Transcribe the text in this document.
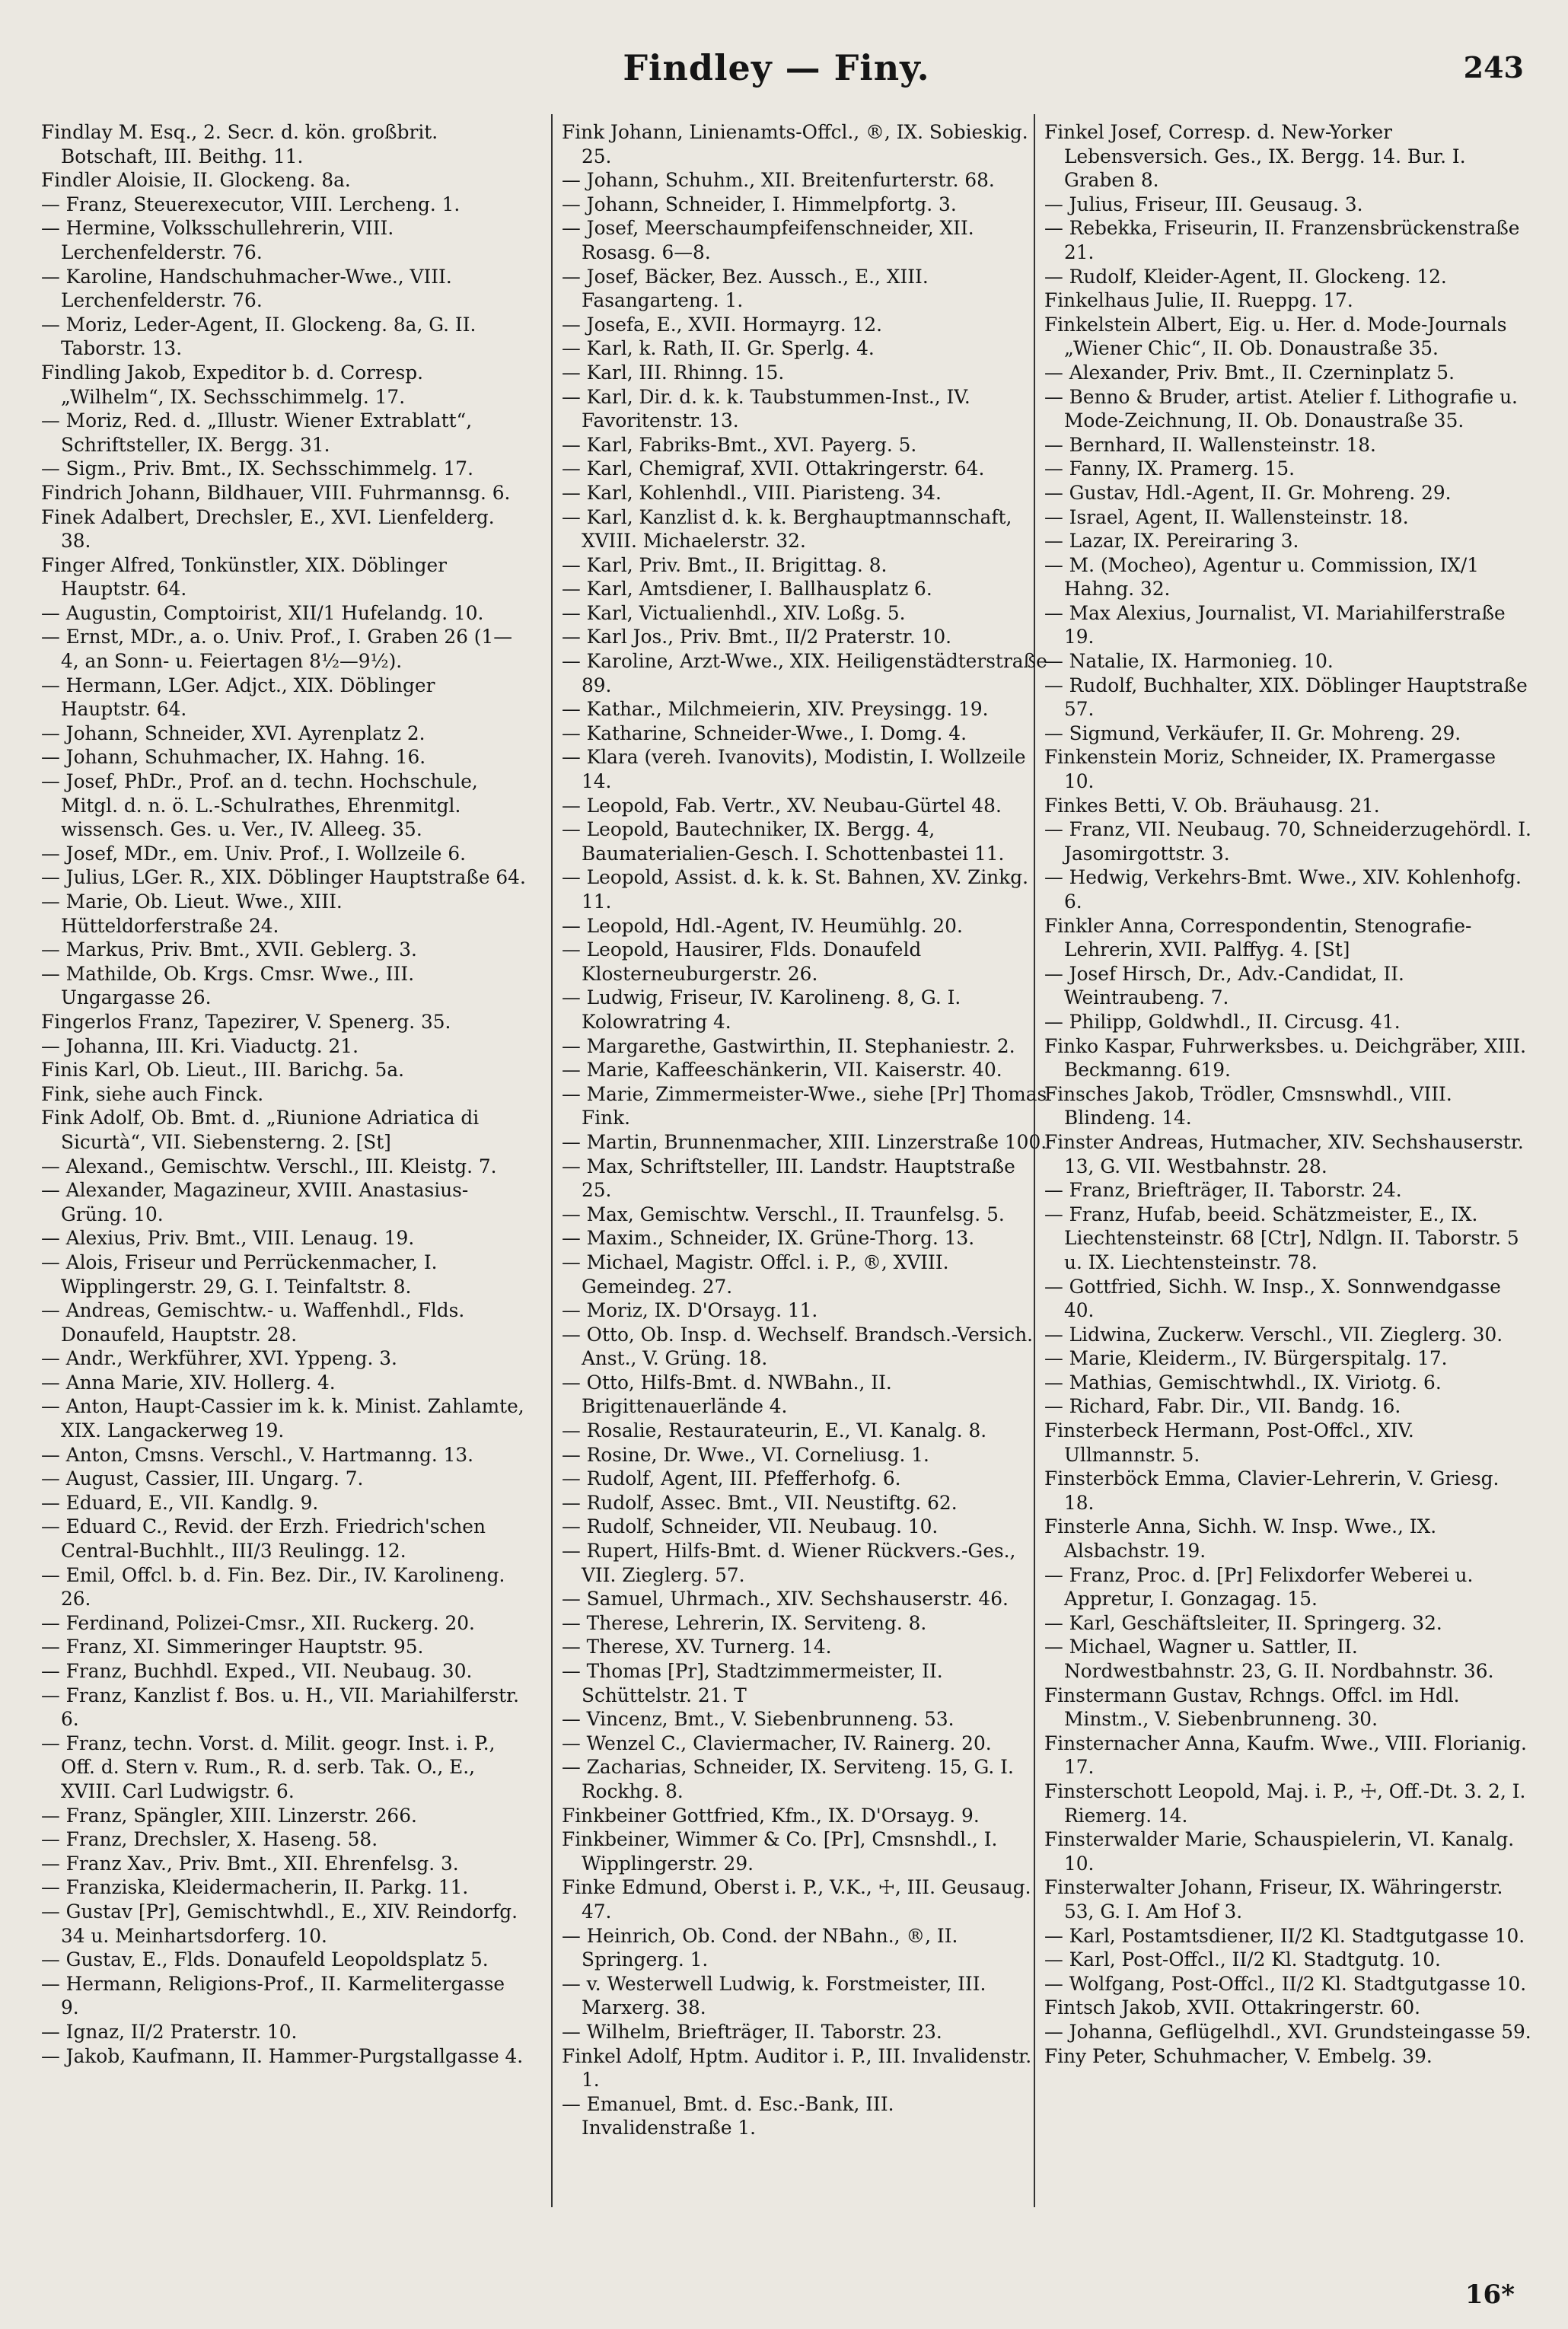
Findley — Finy.	243
Findlay M. Esq., 2. Secr. d. kön. großbrit. Botschaft, III. Beithg. 11.
Findler Aloisie, II. Glockeng. 8a.
— Franz, Steuerexecutor, VIII. Lercheng. 1.
— Hermine, Volksschullehrerin, VIII. Lerchenfelderstr. 76.
— Karoline, Handschuhmacher-Wwe., VIII. Lerchenfelderstr. 76.
— Moriz, Leder-Agent, II. Glockeng. 8a, G. II. Taborstr. 13.
Findling Jakob, Expeditor b. d. Corresp. „Wilhelm“, IX. Sechsschimmelg. 17.
— Moriz, Red. d. „Illustr. Wiener Extrablatt“, Schriftsteller, IX. Bergg. 31.
— Sigm., Priv. Bmt., IX. Sechsschimmelg. 17.
Findrich Johann, Bildhauer, VIII. Fuhrmannsg. 6.
Finek Adalbert, Drechsler, E., XVI. Lienfelderg. 38.
Finger Alfred, Tonkünstler, XIX. Döblinger Hauptstr. 64.
— Augustin, Comptoirist, XII/1 Hufelandg. 10.
— Ernst, MDr., a. o. Univ. Prof., I. Graben 26 (1—4, an Sonn- u. Feiertagen 8½—9½).
— Hermann, LGer. Adjct., XIX. Döblinger Hauptstr. 64.
— Johann, Schneider, XVI. Ayrenplatz 2.
— Johann, Schuhmacher, IX. Hahng. 16.
— Josef, PhDr., Prof. an d. techn. Hochschule, Mitgl. d. n. ö. L.-Schulrathes, Ehrenmitgl. wissensch. Ges. u. Ver., IV. Alleeg. 35.
— Josef, MDr., em. Univ. Prof., I. Wollzeile 6.
— Julius, LGer. R., XIX. Döblinger Hauptstraße 64.
— Marie, Ob. Lieut. Wwe., XIII. Hütteldorferstraße 24.
— Markus, Priv. Bmt., XVII. Geblerg. 3.
— Mathilde, Ob. Krgs. Cmsr. Wwe., III. Ungargasse 26.
Fingerlos Franz, Tapezirer, V. Spenerg. 35.
— Johanna, III. Kri. Viaductg. 21.
Finis Karl, Ob. Lieut., III. Barichg. 5a.
Fink, siehe auch Finck.
Fink Adolf, Ob. Bmt. d. „Riunione Adriatica di Sicurtà“, VII. Siebensterng. 2. [St]
— Alexand., Gemischtw. Verschl., III. Kleistg. 7.
— Alexander, Magazineur, XVIII. Anastasius-Grüng. 10.
— Alexius, Priv. Bmt., VIII. Lenaug. 19.
— Alois, Friseur und Perrückenmacher, I. Wipplingerstr. 29, G. I. Teinfaltstr. 8.
— Andreas, Gemischtw.- u. Waffenhdl., Flds. Donaufeld, Hauptstr. 28.
— Andr., Werkführer, XVI. Yppeng. 3.
— Anna Marie, XIV. Hollerg. 4.
— Anton, Haupt-Cassier im k. k. Minist. Zahlamte, XIX. Langackerweg 19.
— Anton, Cmsns. Verschl., V. Hartmanng. 13.
— August, Cassier, III. Ungarg. 7.
— Eduard, E., VII. Kandlg. 9.
— Eduard C., Revid. der Erzh. Friedrich'schen Central-Buchhlt., III/3 Reulingg. 12.
— Emil, Offcl. b. d. Fin. Bez. Dir., IV. Karolineng. 26.
— Ferdinand, Polizei-Cmsr., XII. Ruckerg. 20.
— Franz, XI. Simmeringer Hauptstr. 95.
— Franz, Buchhdl. Exped., VII. Neubaug. 30.
— Franz, Kanzlist f. Bos. u. H., VII. Mariahilferstr. 6.
— Franz, techn. Vorst. d. Milit. geogr. Inst. i. P., Off. d. Stern v. Rum., R. d. serb. Tak. O., E., XVIII. Carl Ludwigstr. 6.
— Franz, Spängler, XIII. Linzerstr. 266.
— Franz, Drechsler, X. Haseng. 58.
— Franz Xav., Priv. Bmt., XII. Ehrenfelsg. 3.
— Franziska, Kleidermacherin, II. Parkg. 11.
— Gustav [Pr], Gemischtwhdl., E., XIV. Reindorfg. 34 u. Meinhartsdorferg. 10.
— Gustav, E., Flds. Donaufeld Leopoldsplatz 5.
— Hermann, Religions-Prof., II. Karmelitergasse 9.
— Ignaz, II/2 Praterstr. 10.
— Jakob, Kaufmann, II. Hammer-Purgstallgasse 4.
Fink Johann, Linienamts-Offcl., ®, IX. Sobieskig. 25.
— Johann, Schuhm., XII. Breitenfurterstr. 68.
— Johann, Schneider, I. Himmelpfortg. 3.
— Josef, Meerschaumpfeifenschneider, XII. Rosasg. 6—8.
— Josef, Bäcker, Bez. Aussch., E., XIII. Fasangarteng. 1.
— Josefa, E., XVII. Hormayrg. 12.
— Karl, k. Rath, II. Gr. Sperlg. 4.
— Karl, III. Rhinng. 15.
— Karl, Dir. d. k. k. Taubstummen-Inst., IV. Favoritenstr. 13.
— Karl, Fabriks-Bmt., XVI. Payerg. 5.
— Karl, Chemigraf, XVII. Ottakringerstr. 64.
— Karl, Kohlenhdl., VIII. Piaristeng. 34.
— Karl, Kanzlist d. k. k. Berghauptmannschaft, XVIII. Michaelerstr. 32.
— Karl, Priv. Bmt., II. Brigittag. 8.
— Karl, Amtsdiener, I. Ballhausplatz 6.
— Karl, Victualienhdl., XIV. Loßg. 5.
— Karl Jos., Priv. Bmt., II/2 Praterstr. 10.
— Karoline, Arzt-Wwe., XIX. Heiligenstädterstraße 89.
— Kathar., Milchmeierin, XIV. Preysingg. 19.
— Katharine, Schneider-Wwe., I. Domg. 4.
— Klara (vereh. Ivanovits), Modistin, I. Wollzeile 14.
— Leopold, Fab. Vertr., XV. Neubau-Gürtel 48.
— Leopold, Bautechniker, IX. Bergg. 4, Baumaterialien-Gesch. I. Schottenbastei 11.
— Leopold, Assist. d. k. k. St. Bahnen, XV. Zinkg. 11.
— Leopold, Hdl.-Agent, IV. Heumühlg. 20.
— Leopold, Hausirer, Flds. Donaufeld Klosterneuburgerstr. 26.
— Ludwig, Friseur, IV. Karolineng. 8, G. I. Kolowratring 4.
— Margarethe, Gastwirthin, II. Stephaniestr. 2.
— Marie, Kaffeeschänkerin, VII. Kaiserstr. 40.
— Marie, Zimmermeister-Wwe., siehe [Pr] Thomas Fink.
— Martin, Brunnenmacher, XIII. Linzerstraße 100.
— Max, Schriftsteller, III. Landstr. Hauptstraße 25.
— Max, Gemischtw. Verschl., II. Traunfelsg. 5.
— Maxim., Schneider, IX. Grüne-Thorg. 13.
— Michael, Magistr. Offcl. i. P., ®, XVIII. Gemeindeg. 27.
— Moriz, IX. D'Orsayg. 11.
— Otto, Ob. Insp. d. Wechself. Brandsch.-Versich. Anst., V. Grüng. 18.
— Otto, Hilfs-Bmt. d. NWBahn., II. Brigittenauerlände 4.
— Rosalie, Restaurateurin, E., VI. Kanalg. 8.
— Rosine, Dr. Wwe., VI. Corneliusg. 1.
— Rudolf, Agent, III. Pfefferhofg. 6.
— Rudolf, Assec. Bmt., VII. Neustiftg. 62.
— Rudolf, Schneider, VII. Neubaug. 10.
— Rupert, Hilfs-Bmt. d. Wiener Rückvers.-Ges., VII. Zieglerg. 57.
— Samuel, Uhrmach., XIV. Sechshauserstr. 46.
— Therese, Lehrerin, IX. Serviteng. 8.
— Therese, XV. Turnerg. 14.
— Thomas [Pr], Stadtzimmermeister, II. Schüttelstr. 21. T
— Vincenz, Bmt., V. Siebenbrunneng. 53.
— Wenzel C., Claviermacher, IV. Rainerg. 20.
— Zacharias, Schneider, IX. Serviteng. 15, G. I. Rockhg. 8.
Finkbeiner Gottfried, Kfm., IX. D'Orsayg. 9.
Finkbeiner, Wimmer & Co. [Pr], Cmsnshdl., I. Wipplingerstr. 29.
Finke Edmund, Oberst i. P., V.K., ☩, III. Geusaug. 47.
— Heinrich, Ob. Cond. der NBahn., ®, II. Springerg. 1.
— v. Westerwell Ludwig, k. Forstmeister, III. Marxerg. 38.
— Wilhelm, Briefträger, II. Taborstr. 23.
Finkel Adolf, Hptm. Auditor i. P., III. Invalidenstr. 1.
— Emanuel, Bmt. d. Esc.-Bank, III. Invalidenstraße 1.
Finkel Josef, Corresp. d. New-Yorker Lebensversich. Ges., IX. Bergg. 14. Bur. I. Graben 8.
— Julius, Friseur, III. Geusaug. 3.
— Rebekka, Friseurin, II. Franzensbrückenstraße 21.
— Rudolf, Kleider-Agent, II. Glockeng. 12.
Finkelhaus Julie, II. Rueppg. 17.
Finkelstein Albert, Eig. u. Her. d. Mode-Journals „Wiener Chic“, II. Ob. Donaustraße 35.
— Alexander, Priv. Bmt., II. Czerninplatz 5.
— Benno & Bruder, artist. Atelier f. Lithografie u. Mode-Zeichnung, II. Ob. Donaustraße 35.
— Bernhard, II. Wallensteinstr. 18.
— Fanny, IX. Pramerg. 15.
— Gustav, Hdl.-Agent, II. Gr. Mohreng. 29.
— Israel, Agent, II. Wallensteinstr. 18.
— Lazar, IX. Pereiraring 3.
— M. (Mocheo), Agentur u. Commission, IX/1 Hahng. 32.
— Max Alexius, Journalist, VI. Mariahilferstraße 19.
— Natalie, IX. Harmonieg. 10.
— Rudolf, Buchhalter, XIX. Döblinger Hauptstraße 57.
— Sigmund, Verkäufer, II. Gr. Mohreng. 29.
Finkenstein Moriz, Schneider, IX. Pramergasse 10.
Finkes Betti, V. Ob. Bräuhausg. 21.
— Franz, VII. Neubaug. 70, Schneiderzugehördl. I. Jasomirgottstr. 3.
— Hedwig, Verkehrs-Bmt. Wwe., XIV. Kohlenhofg. 6.
Finkler Anna, Correspondentin, Stenografie-Lehrerin, XVII. Palffyg. 4. [St]
— Josef Hirsch, Dr., Adv.-Candidat, II. Weintraubeng. 7.
— Philipp, Goldwhdl., II. Circusg. 41.
Finko Kaspar, Fuhrwerksbes. u. Deichgräber, XIII. Beckmanng. 619.
Finsches Jakob, Trödler, Cmsnswhdl., VIII. Blindeng. 14.
Finster Andreas, Hutmacher, XIV. Sechshauserstr. 13, G. VII. Westbahnstr. 28.
— Franz, Briefträger, II. Taborstr. 24.
— Franz, Hufab, beeid. Schätzmeister, E., IX. Liechtensteinstr. 68 [Ctr], Ndlgn. II. Taborstr. 5 u. IX. Liechtensteinstr. 78.
— Gottfried, Sichh. W. Insp., X. Sonnwendgasse 40.
— Lidwina, Zuckerw. Verschl., VII. Zieglerg. 30.
— Marie, Kleiderm., IV. Bürgerspitalg. 17.
— Mathias, Gemischtwhdl., IX. Viriotg. 6.
— Richard, Fabr. Dir., VII. Bandg. 16.
Finsterbeck Hermann, Post-Offcl., XIV. Ullmannstr. 5.
Finsterböck Emma, Clavier-Lehrerin, V. Griesg. 18.
Finsterle Anna, Sichh. W. Insp. Wwe., IX. Alsbachstr. 19.
— Franz, Proc. d. [Pr] Felixdorfer Weberei u. Appretur, I. Gonzagag. 15.
— Karl, Geschäftsleiter, II. Springerg. 32.
— Michael, Wagner u. Sattler, II. Nordwestbahnstr. 23, G. II. Nordbahnstr. 36.
Finstermann Gustav, Rchngs. Offcl. im Hdl. Minstm., V. Siebenbrunneng. 30.
Finsternacher Anna, Kaufm. Wwe., VIII. Florianig. 17.
Finsterschott Leopold, Maj. i. P., ☩, Off.-Dt. 3. 2, I. Riemerg. 14.
Finsterwalder Marie, Schauspielerin, VI. Kanalg. 10.
Finsterwalter Johann, Friseur, IX. Währingerstr. 53, G. I. Am Hof 3.
— Karl, Postamtsdiener, II/2 Kl. Stadtgutgasse 10.
— Karl, Post-Offcl., II/2 Kl. Stadtgutg. 10.
— Wolfgang, Post-Offcl., II/2 Kl. Stadtgutgasse 10.
Fintsch Jakob, XVII. Ottakringerstr. 60.
— Johanna, Geflügelhdl., XVI. Grundsteingasse 59.
Finy Peter, Schuhmacher, V. Embelg. 39.
16*
